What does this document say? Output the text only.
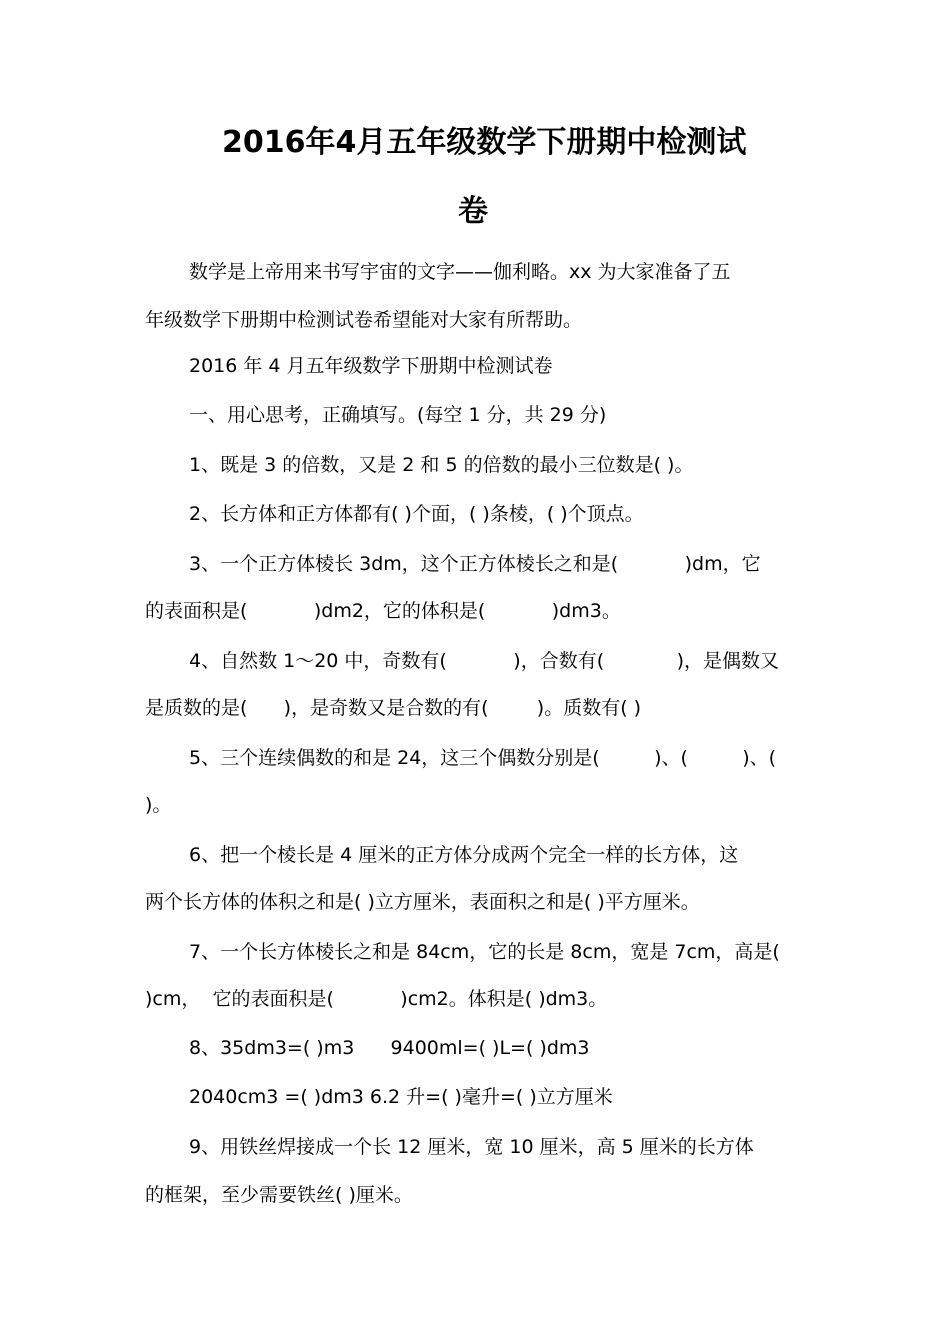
2016年4月五年级数学下册期中检测试
卷
数学是上帝用来书写宇宙的文字——伽利略。xx 为大家准备了五
年级数学下册期中检测试卷希望能对大家有所帮助。
2016 年 4 月五年级数学下册期中检测试卷
一、用心思考，正确填写。(每空 1 分，共 29 分)
1、既是 3 的倍数，又是 2 和 5 的倍数的最小三位数是( )。
2、长方体和正方体都有( )个面，( )条棱，( )个顶点。
3、一个正方体棱长 3dm，这个正方体棱长之和是(           )dm，它
的表面积是(           )dm2，它的体积是(           )dm3。
4、自然数 1～20 中，奇数有(           )，合数有(            )，是偶数又
是质数的是(      )，是奇数又是合数的有(        )。质数有( )
5、三个连续偶数的和是 24，这三个偶数分别是(         )、(         )、(
)。
6、把一个棱长是 4 厘米的正方体分成两个完全一样的长方体，这
两个长方体的体积之和是( )立方厘米，表面积之和是( )平方厘米。
7、一个长方体棱长之和是 84cm，它的长是 8cm，宽是 7cm，高是(
)cm，  它的表面积是(           )cm2。体积是( )dm3。
8、35dm3=( )m3      9400ml=( )L=( )dm3
2040cm3 =( )dm3 6.2 升=( )毫升=( )立方厘米
9、用铁丝焊接成一个长 12 厘米，宽 10 厘米，高 5 厘米的长方体
的框架，至少需要铁丝( )厘米。
